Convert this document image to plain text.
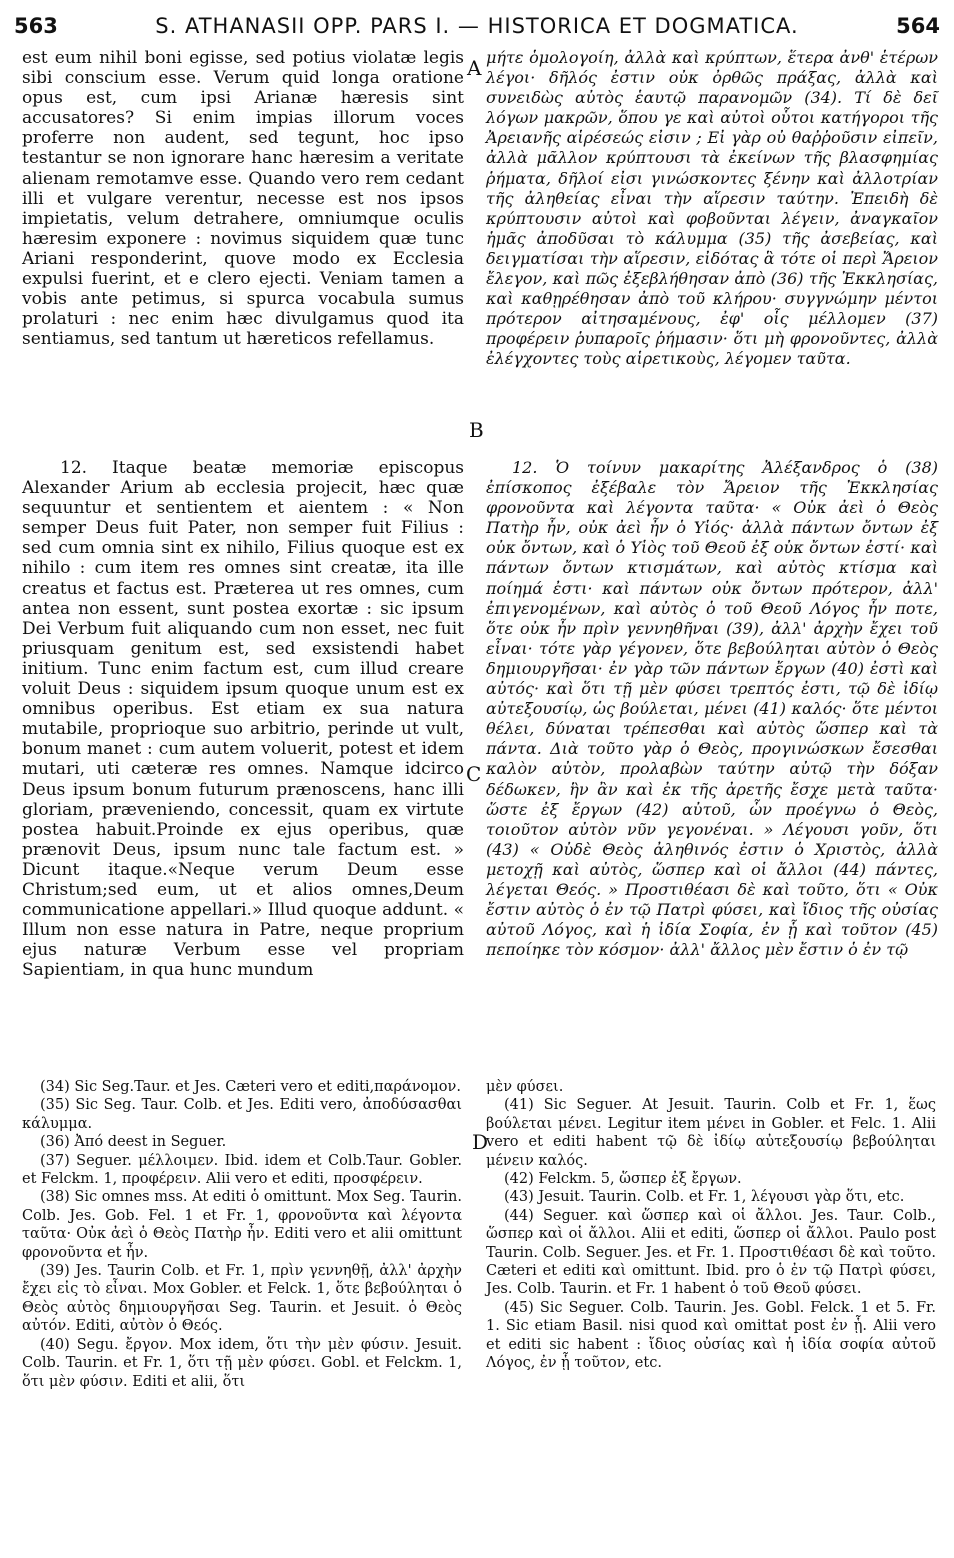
563	S. ATHANASII OPP. PARS I. — HISTORICA ET DOGMATICA.	564

est eum nihil boni egisse, sed potius violatæ legis sibi conscium esse. Verum quid longa oratione opus est, cum ipsi Arianæ hæresis sint accusatores? Si enim impias illorum voces proferre non audent, sed tegunt, hoc ipso testantur se non ignorare hanc hæresim a veritate alienam remotamve esse. Quando vero rem cedant illi et vulgare verentur, necesse est nos ipsos impietatis, velum detrahere, omniumque oculis hæresim exponere : novimus siquidem quæ tunc Ariani responderint, quove modo ex Ecclesia expulsi fuerint, et e clero ejecti. Veniam tamen a vobis ante petimus, si spurca vocabula sumus prolaturi : nec enim hæc divulgamus quod ita sentiamus, sed tantum ut hæreticos refellamus.

12. Itaque beatæ memoriæ episcopus Alexander Arium ab ecclesia projecit, hæc quæ sequuntur et sentientem et aientem : « Non semper Deus fuit Pater, non semper fuit Filius : sed cum omnia sint ex nihilo, Filius quoque est ex nihilo : cum item res omnes sint creatæ, ita ille creatus et factus est. Præterea ut res omnes, cum antea non essent, sunt postea exortæ : sic ipsum Dei Verbum fuit aliquando cum non esset, nec fuit priusquam genitum est, sed exsistendi habet initium. Tunc enim factum est, cum illud creare voluit Deus : siquidem ipsum quoque unum est ex omnibus operibus. Est etiam ex sua natura mutabile, proprioque suo arbitrio, perinde ut vult, bonum manet : cum autem voluerit, potest et idem mutari, uti cæteræ res omnes. Namque idcirco Deus ipsum bonum futurum prænoscens, hanc illi gloriam, præveniendo, concessit, quam ex virtute postea habuit.Proinde ex ejus operibus, quæ prænovit Deus, ipsum nunc tale factum est. » Dicunt itaque.«Neque verum Deum esse Christum;sed eum, ut et alios omnes,Deum communicatione appellari.» Illud quoque addunt. « Illum non esse natura in Patre, neque proprium ejus naturæ Verbum esse vel propriam Sapientiam, in qua hunc mundum

μήτε ὁμολογοίη, ἀλλὰ καὶ κρύπτων, ἕτερα ἀνθ' ἑτέρων λέγοι· δῆλός ἐστιν οὐκ ὀρθῶς πράξας, ἀλλὰ καὶ συνειδὼς αὐτὸς ἑαυτῷ παρανομῶν (34). Τί δὲ δεῖ λόγων μακρῶν, ὅπου γε καὶ αὐτοὶ οὗτοι κατήγοροι τῆς Ἀρειανῆς αἱρέσεώς εἰσιν ; Εἰ γὰρ οὐ θαῤῥοῦσιν εἰπεῖν, ἀλλὰ μᾶλλον κρύπτουσι τὰ ἐκείνων τῆς βλασφημίας ῥήματα, δῆλοί εἰσι γινώσκοντες ξένην καὶ ἀλλοτρίαν τῆς ἀληθείας εἶναι τὴν αἵρεσιν ταύτην. Ἐπειδὴ δὲ κρύπτουσιν αὐτοὶ καὶ φοβοῦνται λέγειν, ἀναγκαῖον ἡμᾶς ἀποδῦσαι τὸ κάλυμμα (35) τῆς ἀσεβείας, καὶ δειγματίσαι τὴν αἵρεσιν, εἰδότας ἃ τότε οἱ περὶ Ἄρειον ἔλεγον, καὶ πῶς ἐξεβλήθησαν ἀπὸ (36) τῆς Ἐκκλησίας, καὶ καθῃρέθησαν ἀπὸ τοῦ κλήρου· συγγνώμην μέντοι πρότερον αἰτησαμένους, ἐφ' οἷς μέλλομεν (37) προφέρειν ῥυπαροῖς ῥήμασιν· ὅτι μὴ φρονοῦντες, ἀλλὰ ἐλέγχοντες τοὺς αἱρετικοὺς, λέγομεν ταῦτα.

12. Ὁ τοίνυν μακαρίτης Ἀλέξανδρος ὁ (38) ἐπίσκοπος ἐξέβαλε τὸν Ἄρειον τῆς Ἐκκλησίας φρονοῦντα καὶ λέγοντα ταῦτα· « Οὐκ ἀεὶ ὁ Θεὸς Πατὴρ ἦν, οὐκ ἀεὶ ἦν ὁ Υἱός· ἀλλὰ πάντων ὄντων ἐξ οὐκ ὄντων, καὶ ὁ Υἱὸς τοῦ Θεοῦ ἐξ οὐκ ὄντων ἐστί· καὶ πάντων ὄντων κτισμάτων, καὶ αὐτὸς κτίσμα καὶ ποίημά ἐστι· καὶ πάντων οὐκ ὄντων πρότερον, ἀλλ' ἐπιγενομένων, καὶ αὐτὸς ὁ τοῦ Θεοῦ Λόγος ἦν ποτε, ὅτε οὐκ ἦν πρὶν γεννηθῆναι (39), ἀλλ' ἀρχὴν ἔχει τοῦ εἶναι· τότε γὰρ γέγονεν, ὅτε βεβούληται αὐτὸν ὁ Θεὸς δημιουργῆσαι· ἐν γὰρ τῶν πάντων ἔργων (40) ἐστὶ καὶ αὐτός· καὶ ὅτι τῇ μὲν φύσει τρεπτός ἐστι, τῷ δὲ ἰδίῳ αὐτεξουσίῳ, ὡς βούλεται, μένει (41) καλός· ὅτε μέντοι θέλει, δύναται τρέπεσθαι καὶ αὐτὸς ὥσπερ καὶ τὰ πάντα. Διὰ τοῦτο γὰρ ὁ Θεὸς, προγινώσκων ἔσεσθαι καλὸν αὐτὸν, προλαβὼν ταύτην αὐτῷ τὴν δόξαν δέδωκεν, ἣν ἂν καὶ ἐκ τῆς ἀρετῆς ἔσχε μετὰ ταῦτα· ὥστε ἐξ ἔργων (42) αὐτοῦ, ὧν προέγνω ὁ Θεὸς, τοιοῦτον αὐτὸν νῦν γεγονέναι. » Λέγουσι γοῦν, ὅτι (43) « Οὐδὲ Θεὸς ἀληθινός ἐστιν ὁ Χριστὸς, ἀλλὰ μετοχῇ καὶ αὐτὸς, ὥσπερ καὶ οἱ ἄλλοι (44) πάντες, λέγεται Θεός. » Προστιθέασι δὲ καὶ τοῦτο, ὅτι « Οὐκ ἔστιν αὐτὸς ὁ ἐν τῷ Πατρὶ φύσει, καὶ ἴδιος τῆς οὐσίας αὐτοῦ Λόγος, καὶ ἡ ἰδία Σοφία, ἐν ᾗ καὶ τοῦτον (45) πεποίηκε τὸν κόσμον· ἀλλ' ἄλλος μὲν ἔστιν ὁ ἐν τῷ

A
B
C
D

(34) Sic Seg.Taur. et Jes. Cæteri vero et editi,παράνομον.

(35) Sic Seg. Taur. Colb. et Jes. Editi vero, ἀποδύσασθαι κάλυμμα.

(36) Ἀπό deest in Seguer.

(37) Seguer. μέλλοιμεν. Ibid. idem et Colb.Taur. Gobler. et Felckm. 1, προφέρειν. Alii vero et editi, προσφέρειν.

(38) Sic omnes mss. At editi ὁ omittunt. Mox Seg. Taurin. Colb. Jes. Gob. Fel. 1 et Fr. 1, φρονοῦντα καὶ λέγοντα ταῦτα· Οὐκ ἀεὶ ὁ Θεὸς Πατὴρ ἦν. Editi vero et alii omittunt φρονοῦντα et ἦν.

(39) Jes. Taurin Colb. et Fr. 1, πρὶν γεννηθῇ, ἀλλ' ἀρχὴν ἔχει εἰς τὸ εἶναι. Mox Gobler. et Felck. 1, ὅτε βεβούληται ὁ Θεὸς αὐτὸς δημιουργῆσαι Seg. Taurin. et Jesuit. ὁ Θεὸς αὐτόν. Editi, αὐτὸν ὁ Θεός.

(40) Segu. ἔργον. Mox idem, ὅτι τὴν μὲν φύσιν. Jesuit. Colb. Taurin. et Fr. 1, ὅτι τῇ μὲν φύσει. Gobl. et Felckm. 1, ὅτι μὲν φύσιν. Editi et alii, ὅτι

μὲν φύσει.

(41) Sic Seguer. At Jesuit. Taurin. Colb et Fr. 1, ἕως βούλεται μένει. Legitur item μένει in Gobler. et Felc. 1. Alii vero et editi habent τῷ δὲ ἰδίῳ αὐτεξουσίῳ βεβούληται μένειν καλός.

(42) Felckm. 5, ὥσπερ ἐξ ἔργων.

(43) Jesuit. Taurin. Colb. et Fr. 1, λέγουσι γὰρ ὅτι, etc.

(44) Seguer. καὶ ὥσπερ καὶ οἱ ἄλλοι. Jes. Taur. Colb., ὥσπερ καὶ οἱ ἄλλοι. Alii et editi, ὥσπερ οἱ ἄλλοι. Paulo post Taurin. Colb. Seguer. Jes. et Fr. 1. Προστιθέασι δὲ καὶ τοῦτο. Cæteri et editi καὶ omittunt. Ibid. pro ὁ ἐν τῷ Πατρὶ φύσει, Jes. Colb. Taurin. et Fr. 1 habent ὁ τοῦ Θεοῦ φύσει.

(45) Sic Seguer. Colb. Taurin. Jes. Gobl. Felck. 1 et 5. Fr. 1. Sic etiam Basil. nisi quod καὶ omittat post ἐν ᾗ. Alii vero et editi sic habent : ἴδιος οὐσίας καὶ ἡ ἰδία σοφία αὐτοῦ Λόγος, ἐν ᾗ τοῦτον, etc.
